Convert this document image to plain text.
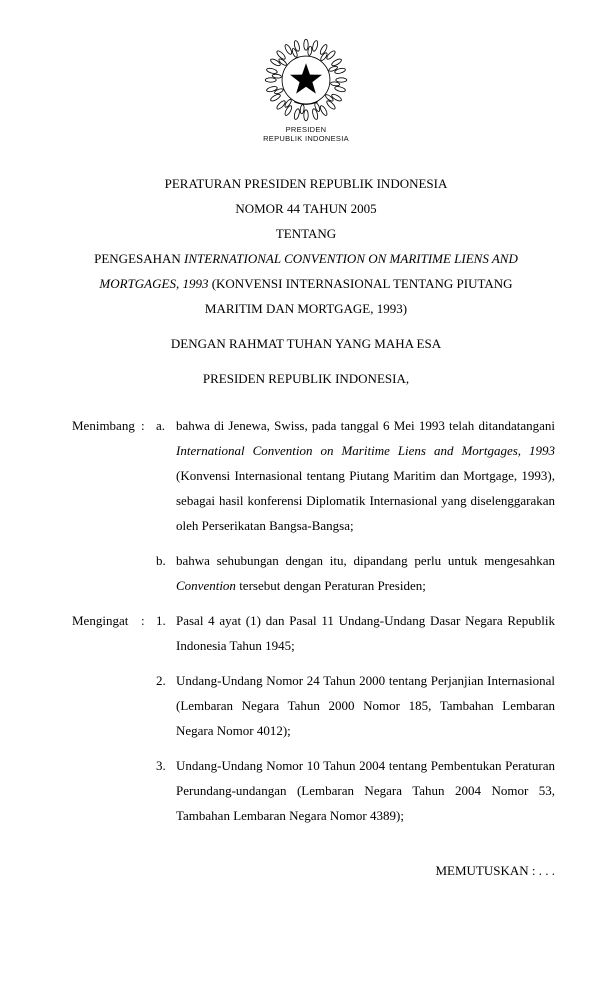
PRESIDEN
REPUBLIK INDONESIA
PERATURAN PRESIDEN REPUBLIK INDONESIA
NOMOR 44 TAHUN 2005
TENTANG
PENGESAHAN INTERNATIONAL CONVENTION ON MARITIME LIENS AND MORTGAGES, 1993 (KONVENSI INTERNASIONAL TENTANG PIUTANG MARITIM DAN MORTGAGE, 1993)
DENGAN RAHMAT TUHAN YANG MAHA ESA
PRESIDEN REPUBLIK INDONESIA,
Menimbang : a. bahwa di Jenewa, Swiss, pada tanggal 6 Mei 1993 telah ditandatangani International Convention on Maritime Liens and Mortgages, 1993 (Konvensi Internasional tentang Piutang Maritim dan Mortgage, 1993), sebagai hasil konferensi Diplomatik Internasional yang diselenggarakan oleh Perserikatan Bangsa-Bangsa;
b. bahwa sehubungan dengan itu, dipandang perlu untuk mengesahkan Convention tersebut dengan Peraturan Presiden;
Mengingat : 1. Pasal 4 ayat (1) dan Pasal 11 Undang-Undang Dasar Negara Republik Indonesia Tahun 1945;
2. Undang-Undang Nomor 24 Tahun 2000 tentang Perjanjian Internasional (Lembaran Negara Tahun 2000 Nomor 185, Tambahan Lembaran Negara Nomor 4012);
3. Undang-Undang Nomor 10 Tahun 2004 tentang Pembentukan Peraturan Perundang-undangan (Lembaran Negara Tahun 2004 Nomor 53, Tambahan Lembaran Negara Nomor 4389);
MEMUTUSKAN : . . .
